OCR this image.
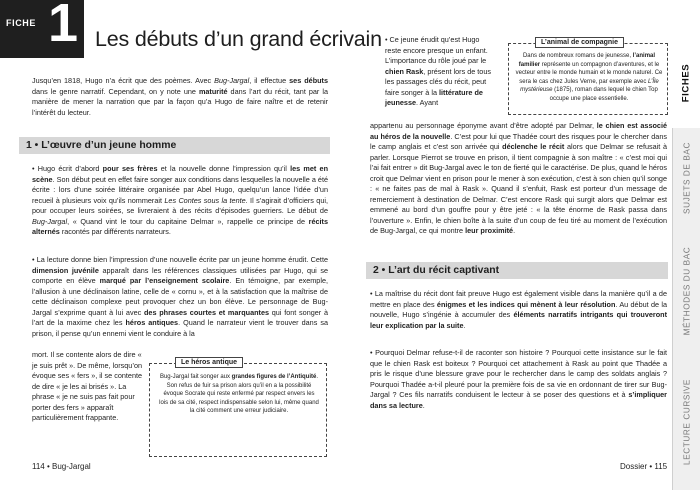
FICHE 1 Les débuts d’un grand écrivain

Jusqu’en 1818, Hugo n’a écrit que des poèmes. Avec Bug-Jargal, il effectue ses débuts dans le genre narratif. Cependant, on y note une maturité dans l’art du récit, tant par la manière de mener la narration que par la façon qu’a Hugo de faire naître et de retenir l’intérêt du lecteur.

1 • L’œuvre d’un jeune homme

• Hugo écrit d’abord pour ses frères et la nouvelle donne l’impression qu’il les met en scène. Son début peut en effet faire songer aux conditions dans lesquelles la nouvelle a été écrite : lors d’une soirée littéraire organisée par Abel Hugo, quelqu’un lance l’idée d’un recueil à plusieurs voix qu’ils nommerait Les Contes sous la tente. Il s’agirait d’officiers qui, pour occuper leurs soirées, se livreraient à des récits d’épisodes guerriers. Le début de Bug-Jargal, « Quand vint le tour du capitaine Delmar », rappelle ce principe de récits alternés racontés par différents narrateurs.

• La lecture donne bien l’impression d’une nouvelle écrite par un jeune homme érudit. Cette dimension juvénile apparaît dans les références classiques utilisées par Hugo, qui se comporte en élève marqué par l’enseignement scolaire. En témoigne, par exemple, l’allusion à une déclinaison latine, celle de « cornu », et à la satisfaction que la maîtrise de cette déclinaison complexe peut provoquer chez un bon élève. Le personnage de Bug-Jargal s’exprime quant à lui avec des phrases courtes et marquantes qui font songer à l’art de la maxime chez les héros antiques. Quand le narrateur vient le trouver dans sa prison, il pense qu’un ennemi vient le conduire à la

mort. Il se contente alors de dire « je suis prêt ». De même, lorsqu’on évoque ses « fers », il se contente de dire « je les ai brisés ». La phrase « je ne suis pas fait pour porter des fers » apparaît particulièrement frappante.

Le héros antique

Bug-Jargal fait songer aux grandes figures de l’Antiquité. Son refus de fuir sa prison alors qu’il en a la possibilité évoque Socrate qui reste enfermé par respect envers les lois de sa cité, respect indispensable selon lui, même quand la cité comment une erreur judiciaire.

• Ce jeune érudit qu’est Hugo reste encore presque un enfant. L’importance du rôle joué par le chien Rask, présent lors de tous les passages clés du récit, peut faire songer à la littérature de jeunesse. Ayant

L’animal de compagnie

Dans de nombreux romans de jeunesse, l’animal familier représente un compagnon d’aventures, et le vecteur entre le monde humain et le monde naturel. Ce sera le cas chez Jules Verne, par exemple avec L’Île mystérieuse (1875), roman dans lequel le chien Top occupe une place essentielle.

appartenu au personnage éponyme avant d’être adopté par Delmar, le chien est associé au héros de la nouvelle. C’est pour lui que Thadée court des risques pour le chercher dans le camp anglais et c’est son arrivée qui déclenche le récit alors que Delmar se refusait à parler. Lorsque Pierrot se trouve en prison, il tient compagnie à son maître : « c’est moi qui l’ai fait entrer » dit Bug-Jargal avec le ton de fierté qui le caractérise. De plus, quand le héros croit que Delmar vient en prison pour le mener à son exécution, c’est à son chien qu’il songe : « ne faites pas de mal à Rask ». Quand il s’enfuit, Rask est porteur d’un message de remerciement à destination de Delmar. C’est encore Rask qui surgit alors que Delmar est emmené au bord d’un gouffre pour y être jeté : « la tête énorme de Rask passa dans l’ouverture ». Enfin, le chien boîte à la suite d’un coup de feu tiré au moment de l’exécution de Bug-Jargal, ce qui montre leur proximité.

2 • L’art du récit captivant

• La maîtrise du récit dont fait preuve Hugo est également visible dans la manière qu’il a de mettre en place des énigmes et les indices qui mènent à leur résolution. Au début de la nouvelle, Hugo s’ingénie à accumuler des éléments narratifs intrigants qui trouveront leur explication par la suite.

• Pourquoi Delmar refuse-t-il de raconter son histoire ? Pourquoi cette insistance sur le fait que le chien Rask est boiteux ? Pourquoi cet attachement à Rask au point que Thadée a pris le risque d’une blessure grave pour le rechercher dans le camp des soldats anglais ? Pourquoi Thadée a-t-il pleuré pour la première fois de sa vie en ordonnant de tirer sur Bug-Jargal ? Ces fils narratifs conduisent le lecteur à se poser des questions et à s’impliquer dans sa lecture.

114 • Bug-Jargal	Dossier • 115
FICHES
SUJETS DE BAC
MÉTHODES DU BAC
LECTURE CURSIVE
